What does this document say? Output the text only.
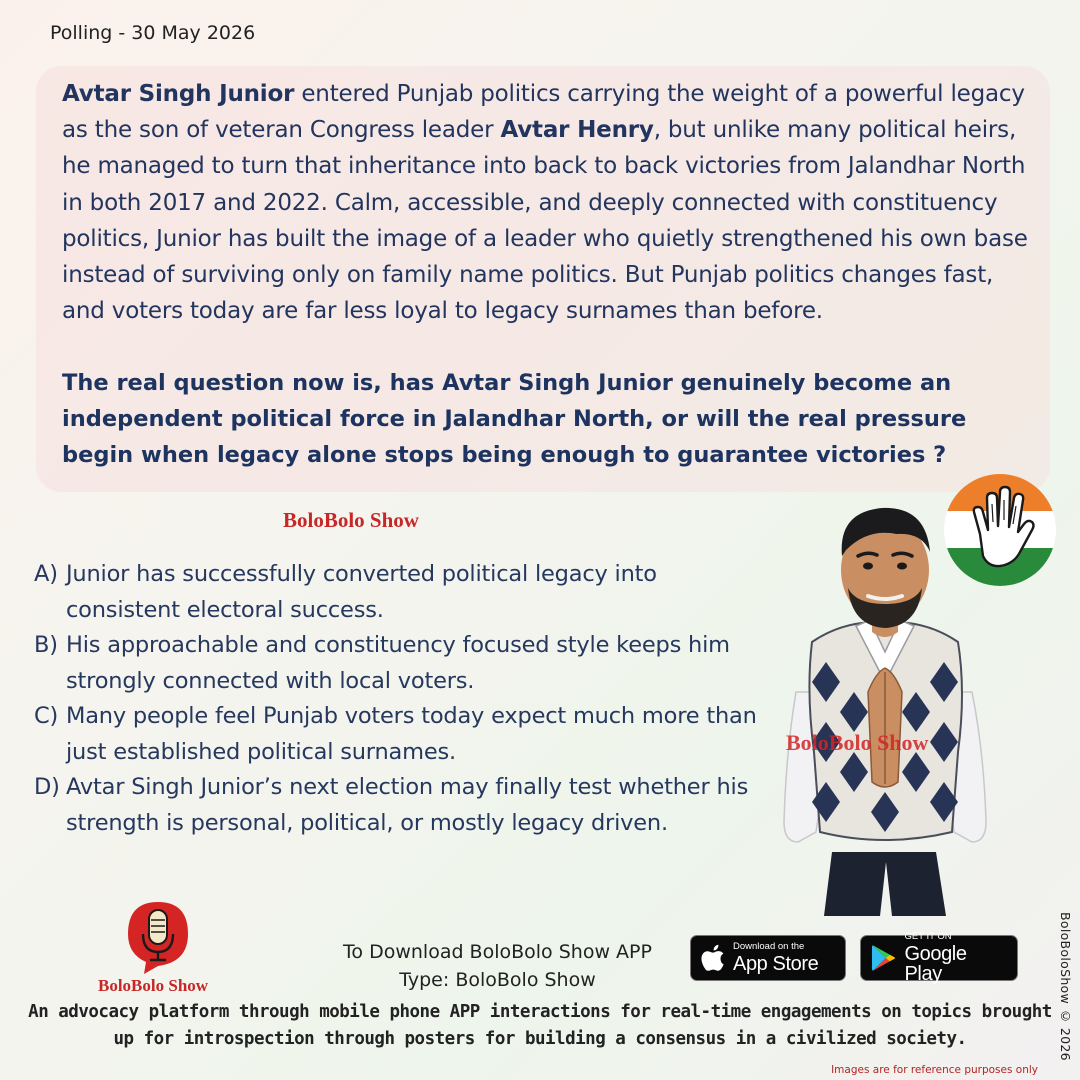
Polling - 30 May 2026

Avtar Singh Junior entered Punjab politics carrying the weight of a powerful legacy as the son of veteran Congress leader Avtar Henry, but unlike many political heirs, he managed to turn that inheritance into back to back victories from Jalandhar North in both 2017 and 2022. Calm, accessible, and deeply connected with constituency politics, Junior has built the image of a leader who quietly strengthened his own base instead of surviving only on family name politics. But Punjab politics changes fast, and voters today are far less loyal to legacy surnames than before.

The real question now is, has Avtar Singh Junior genuinely become an independent political force in Jalandhar North, or will the real pressure begin when legacy alone stops being enough to guarantee victories ?

BoloBolo Show
A) Junior has successfully converted political legacy into consistent electoral success.
B) His approachable and constituency focused style keeps him strongly connected with local voters.
C) Many people feel Punjab voters today expect much more than just established political surnames.
D) Avtar Singh Junior’s next election may finally test whether his strength is personal, political, or mostly legacy driven.
BoloBolo Show
BoloBolo Show
To Download BoloBolo Show APP
Type: BoloBolo Show
Download on the
App Store
GET IT ON
Google Play
An advocacy platform through mobile phone APP interactions for real-time engagements on topics brought up for introspection through posters for building a consensus in a civilized society.	BoloBoloShow © 2026
Images are for reference purposes only
